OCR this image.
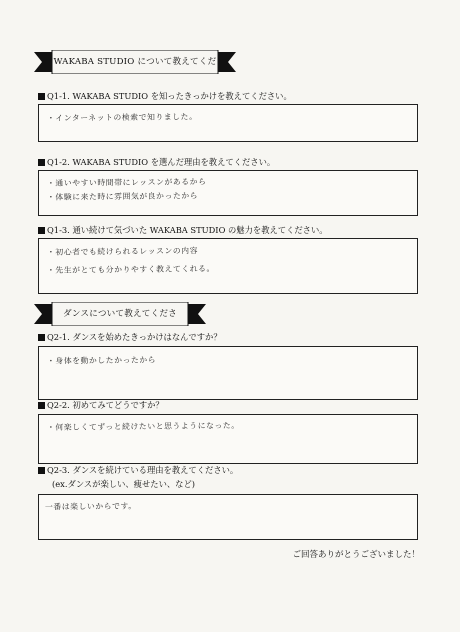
WAKABA STUDIO について教えてくだ
Q1-1. WAKABA STUDIO を知ったきっかけを教えてください。
・インターネットの検索で知りました。
Q1-2. WAKABA STUDIO を選んだ理由を教えてください。
・通いやすい時間帯にレッスンがあるから
・体験に来た時に雰囲気が良かったから
Q1-3. 通い続けて気づいた WAKABA STUDIO の魅力を教えてください。
・初心者でも続けられるレッスンの内容
・先生がとても分かりやすく教えてくれる。
ダンスについて教えてくださ
Q2-1. ダンスを始めたきっかけはなんですか？
・身体を動かしたかったから
Q2-2. 初めてみてどうですか？
・何楽しくてずっと続けたいと思うようになった。
Q2-3. ダンスを続けている理由を教えてください。
(ex.ダンスが楽しい、痩せたい、など)
一番は楽しいからです。
ご回答ありがとうございました！
